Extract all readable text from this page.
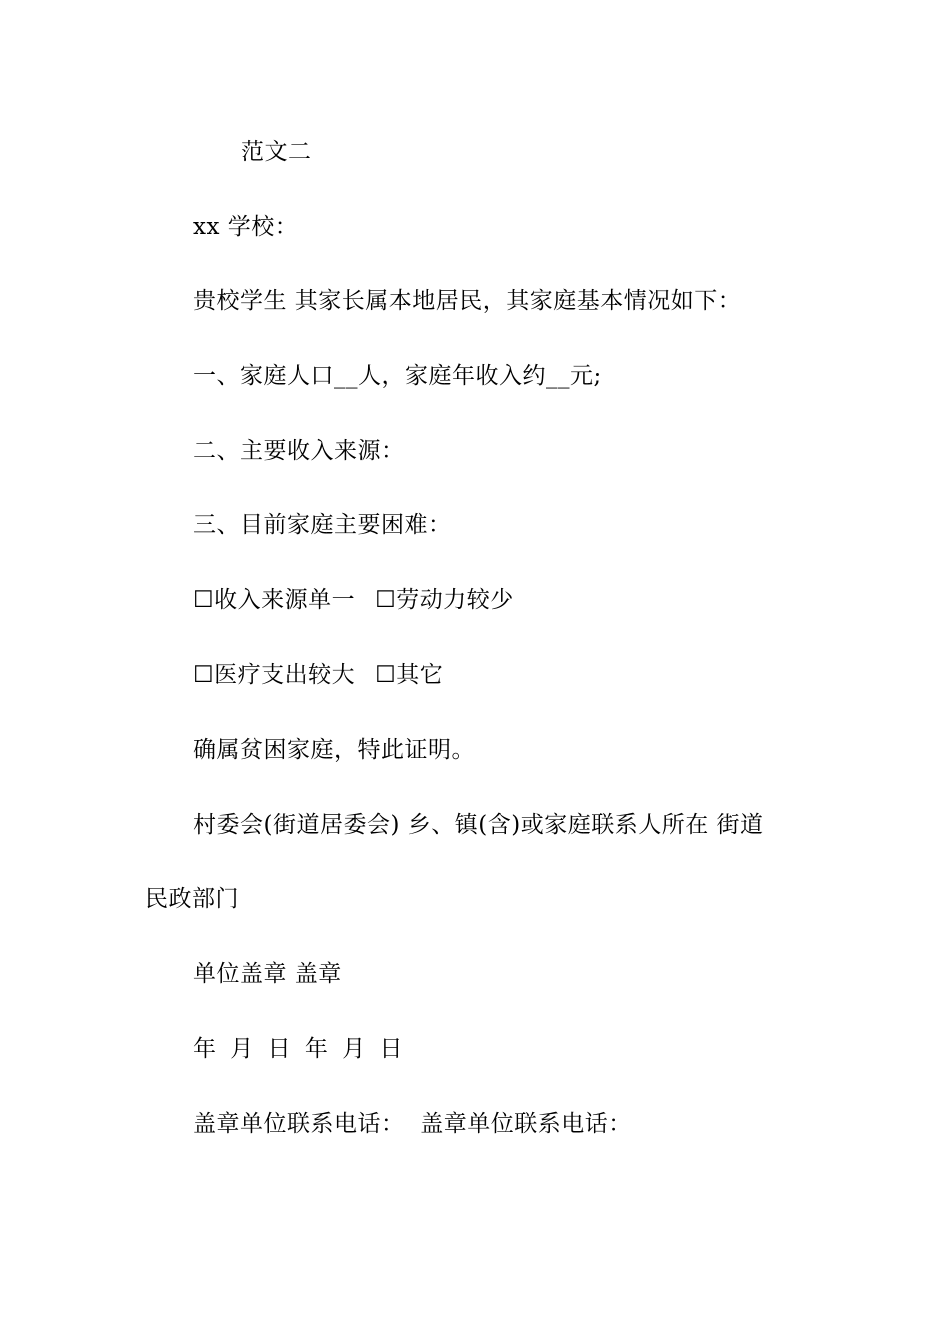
范文二
xx 学校：
贵校学生 其家长属本地居民，其家庭基本情况如下：
一、家庭人口__人，家庭年收入约__元;
二、主要收入来源：
三、目前家庭主要困难：
☐收入来源单一 ☐劳动力较少
☐医疗支出较大 ☐其它
确属贫困家庭，特此证明。
村委会(街道居委会) 乡、镇(含)或家庭联系人所在 街道
民政部门
单位盖章 盖章
年 月 日 年 月 日
盖章单位联系电话： 盖章单位联系电话：
